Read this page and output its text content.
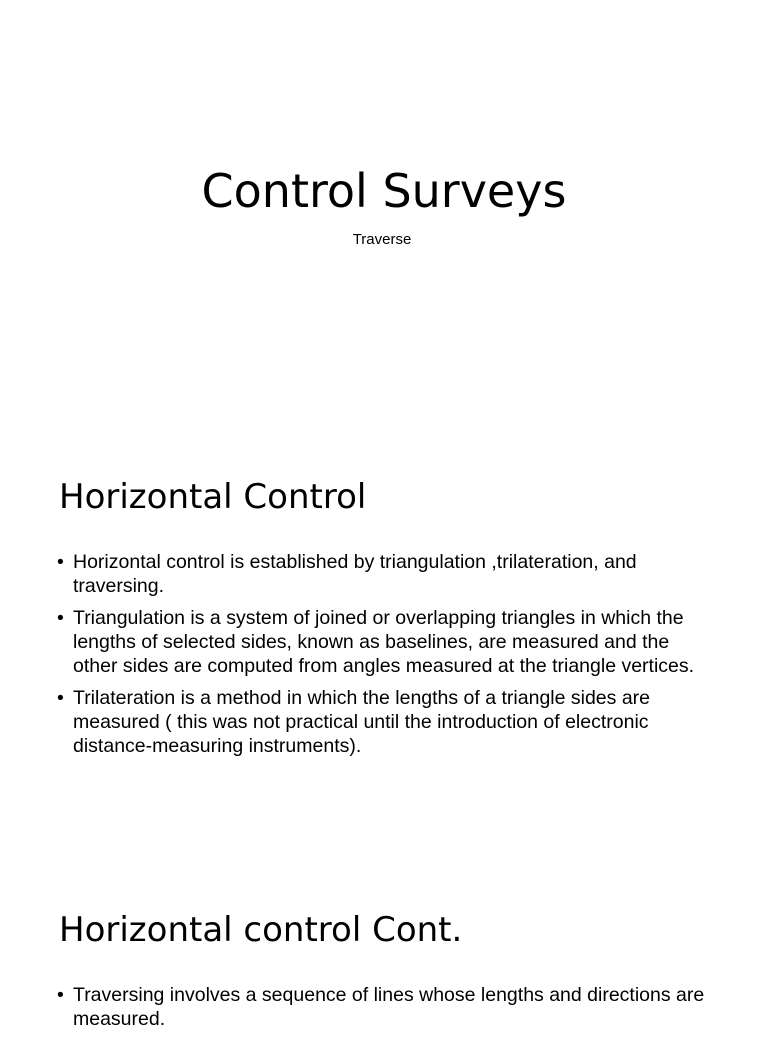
Control Surveys

Traverse

Horizontal Control
• Horizontal control is established by triangulation ,trilateration, and traversing.
• Triangulation is a system of joined or overlapping triangles in which the lengths of selected sides, known as baselines, are measured and the other sides are computed from angles measured at the triangle vertices.
• Trilateration is a method in which the lengths of a triangle sides are measured ( this was not practical until the introduction of electronic distance-measuring instruments).
Horizontal control Cont.
• Traversing involves a sequence of lines whose lengths and directions are measured.
